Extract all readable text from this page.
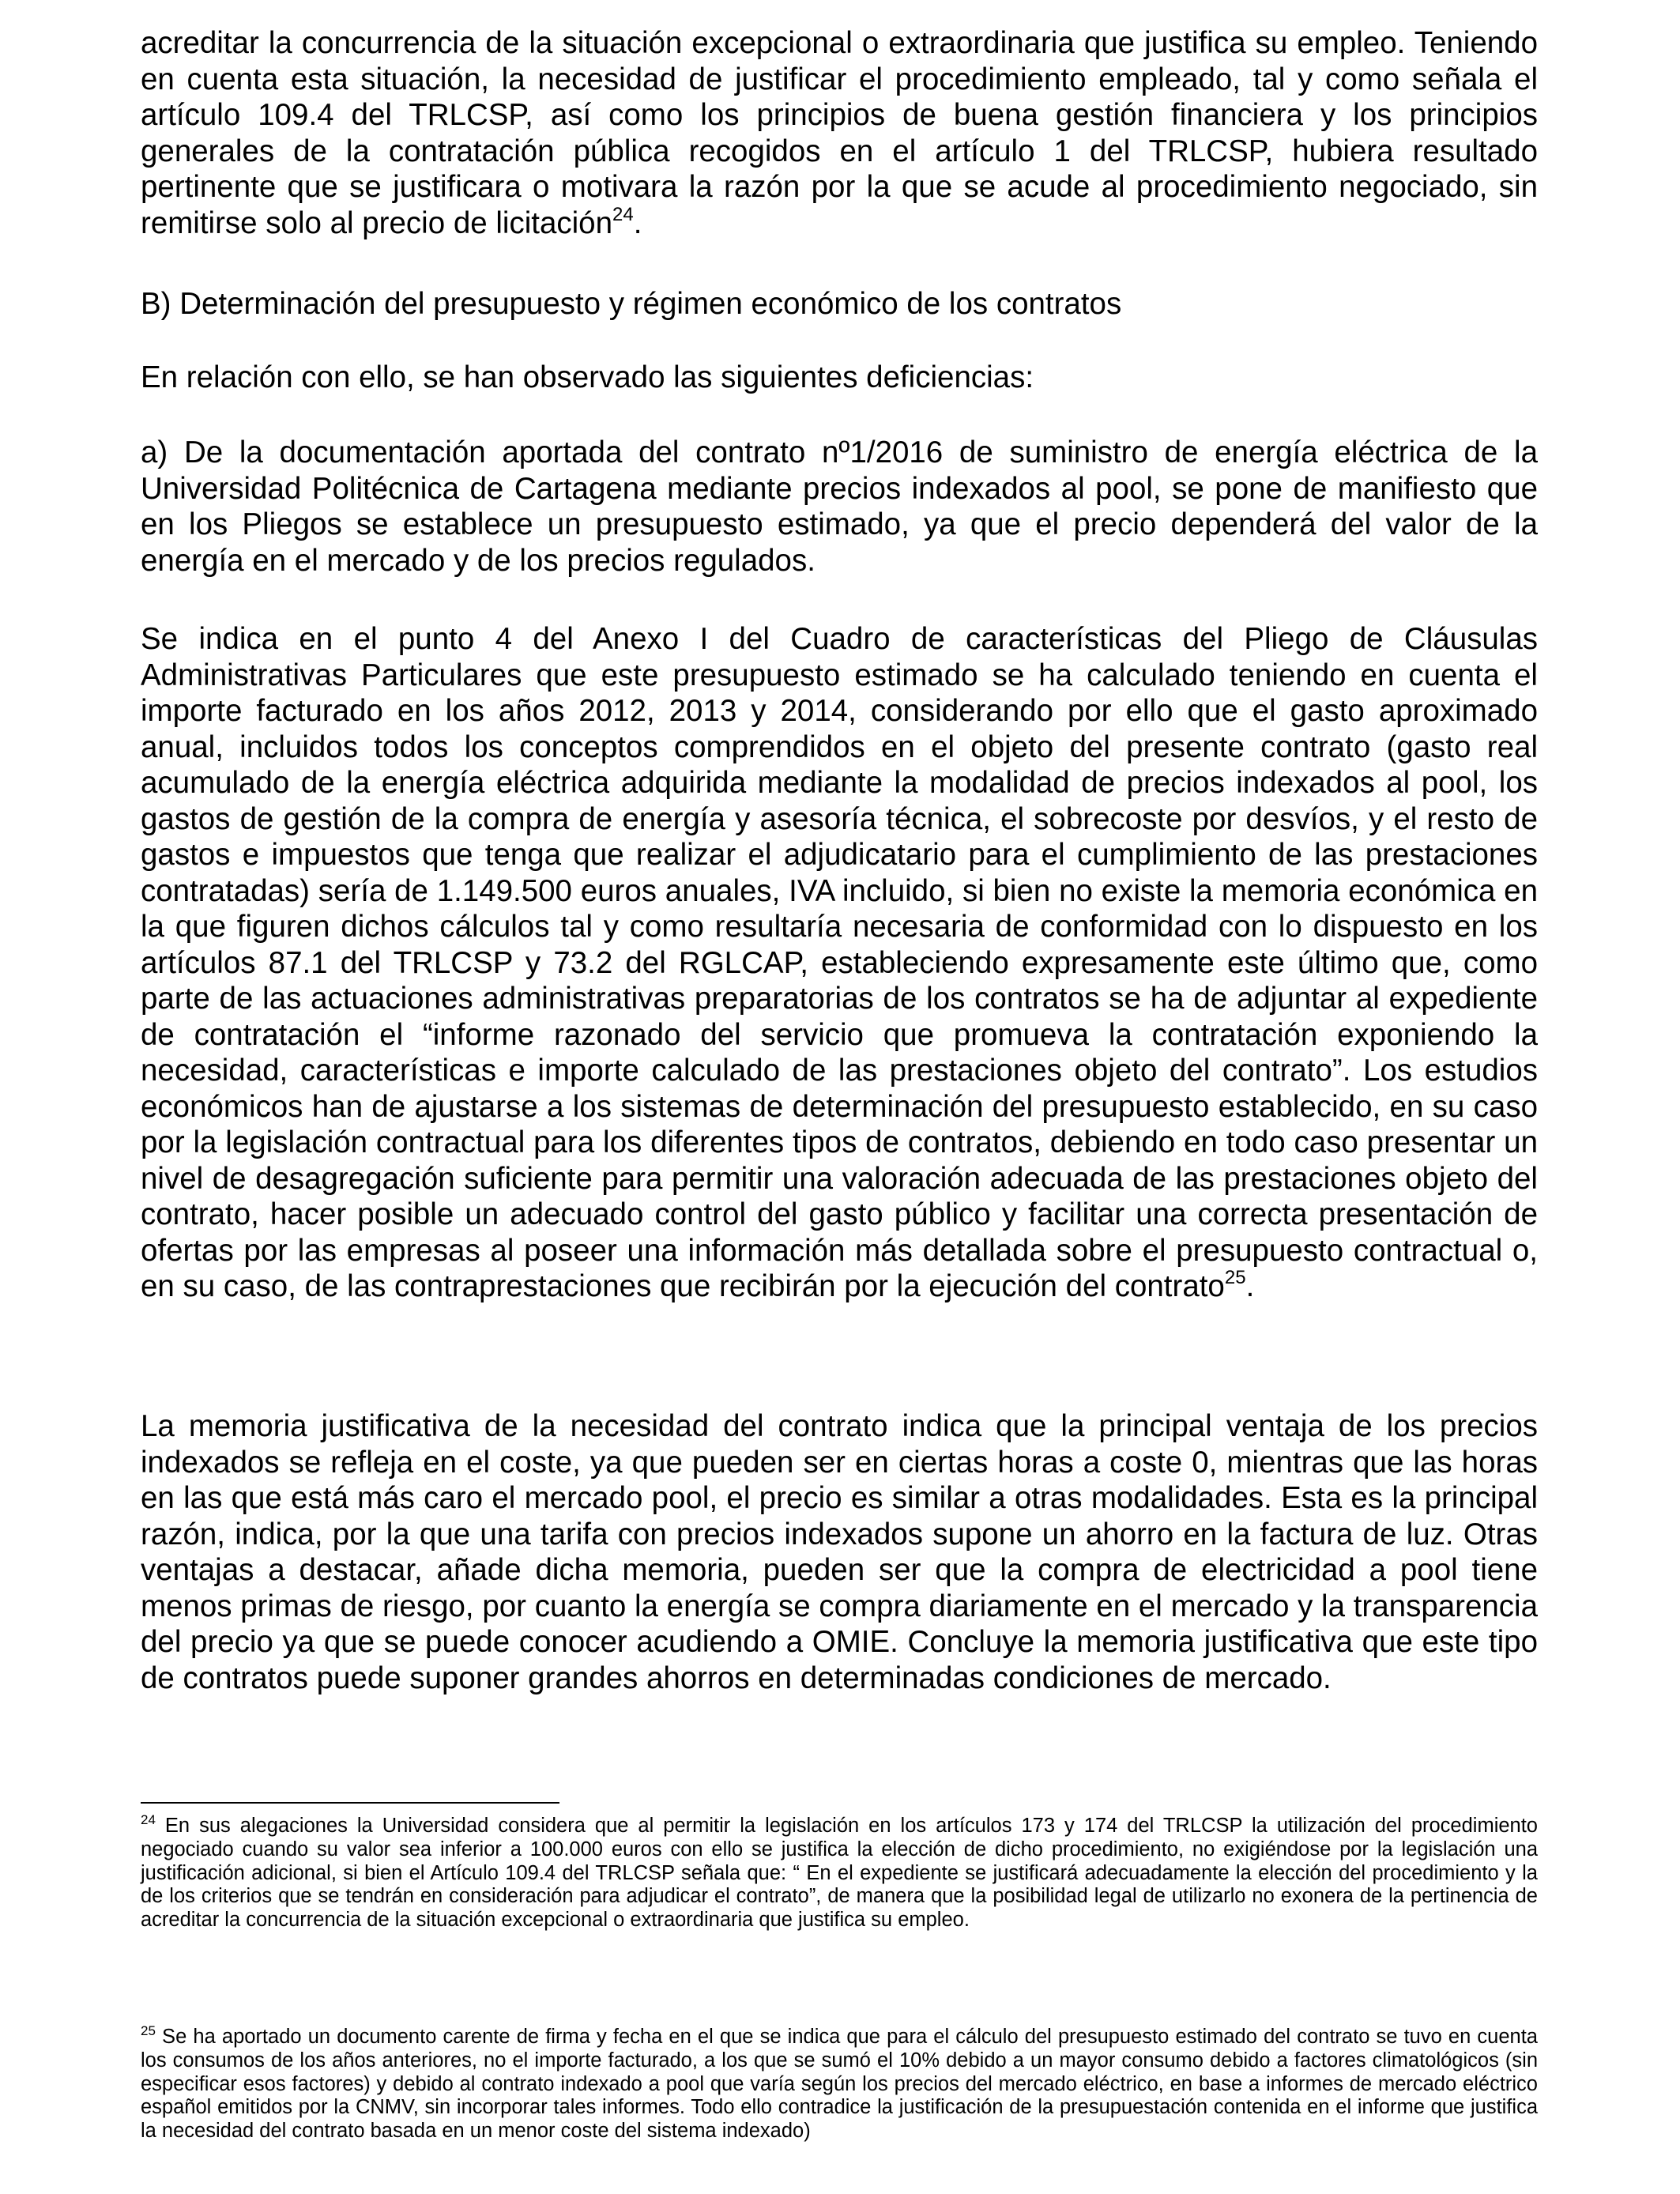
acreditar la concurrencia de la situación excepcional o extraordinaria que justifica su empleo. Teniendo en cuenta esta situación, la necesidad de justificar el procedimiento empleado, tal y como señala el artículo 109.4 del TRLCSP, así como los principios de buena gestión financiera y los principios generales de la contratación pública recogidos en el artículo 1 del TRLCSP, hubiera resultado pertinente que se justificara o motivara la razón por la que se acude al procedimiento negociado, sin remitirse solo al precio de licitación$^{24}$.

B) Determinación del presupuesto y régimen económico de los contratos

En relación con ello, se han observado las siguientes deficiencias:

a) De la documentación aportada del contrato nº1/2016 de suministro de energía eléctrica de la Universidad Politécnica de Cartagena mediante precios indexados al pool, se pone de manifiesto que en los Pliegos se establece un presupuesto estimado, ya que el precio dependerá del valor de la energía en el mercado y de los precios regulados.

Se indica en el punto 4 del Anexo I del Cuadro de características del Pliego de Cláusulas Administrativas Particulares que este presupuesto estimado se ha calculado teniendo en cuenta el importe facturado en los años 2012, 2013 y 2014, considerando por ello que el gasto aproximado anual, incluidos todos los conceptos comprendidos en el objeto del presente contrato (gasto real acumulado de la energía eléctrica adquirida mediante la modalidad de precios indexados al pool, los gastos de gestión de la compra de energía y asesoría técnica, el sobrecoste por desvíos, y el resto de gastos e impuestos que tenga que realizar el adjudicatario para el cumplimiento de las prestaciones contratadas) sería de 1.149.500 euros anuales, IVA incluido, si bien no existe la memoria económica en la que figuren dichos cálculos tal y como resultaría necesaria de conformidad con lo dispuesto en los artículos 87.1 del TRLCSP y 73.2 del RGLCAP, estableciendo expresamente este último que, como parte de las actuaciones administrativas preparatorias de los contratos se ha de adjuntar al expediente de contratación el “informe razonado del servicio que promueva la contratación exponiendo la necesidad, características e importe calculado de las prestaciones objeto del contrato”. Los estudios económicos han de ajustarse a los sistemas de determinación del presupuesto establecido, en su caso por la legislación contractual para los diferentes tipos de contratos, debiendo en todo caso presentar un nivel de desagregación suficiente para permitir una valoración adecuada de las prestaciones objeto del contrato, hacer posible un adecuado control del gasto público y facilitar una correcta presentación de ofertas por las empresas al poseer una información más detallada sobre el presupuesto contractual o, en su caso, de las contraprestaciones que recibirán por la ejecución del contrato$^{25}$.

La memoria justificativa de la necesidad del contrato indica que la principal ventaja de los precios indexados se refleja en el coste, ya que pueden ser en ciertas horas a coste 0, mientras que las horas en las que está más caro el mercado pool, el precio es similar a otras modalidades. Esta es la principal razón, indica, por la que una tarifa con precios indexados supone un ahorro en la factura de luz. Otras ventajas a destacar, añade dicha memoria, pueden ser que la compra de electricidad a pool tiene menos primas de riesgo, por cuanto la energía se compra diariamente en el mercado y la transparencia del precio ya que se puede conocer acudiendo a OMIE. Concluye la memoria justificativa que este tipo de contratos puede suponer grandes ahorros en determinadas condiciones de mercado.

$^{24}$ En sus alegaciones la Universidad considera que al permitir la legislación en los artículos 173 y 174 del TRLCSP la utilización del procedimiento negociado cuando su valor sea inferior a 100.000 euros con ello se justifica la elección de dicho procedimiento, no exigiéndose por la legislación una justificación adicional, si bien el Artículo 109.4 del TRLCSP señala que: “ En el expediente se justificará adecuadamente la elección del procedimiento y la de los criterios que se tendrán en consideración para adjudicar el contrato”, de manera que la posibilidad legal de utilizarlo no exonera de la pertinencia de acreditar la concurrencia de la situación excepcional o extraordinaria que justifica su empleo.

$^{25}$ Se ha aportado un documento carente de firma y fecha en el que se indica que para el cálculo del presupuesto estimado del contrato se tuvo en cuenta los consumos de los años anteriores, no el importe facturado, a los que se sumó el 10% debido a un mayor consumo debido a factores climatológicos (sin especificar esos factores) y debido al contrato indexado a pool que varía según los precios del mercado eléctrico, en base a informes de mercado eléctrico español emitidos por la CNMV, sin incorporar tales informes. Todo ello contradice la justificación de la presupuestación contenida en el informe que justifica la necesidad del contrato basada en un menor coste del sistema indexado)
